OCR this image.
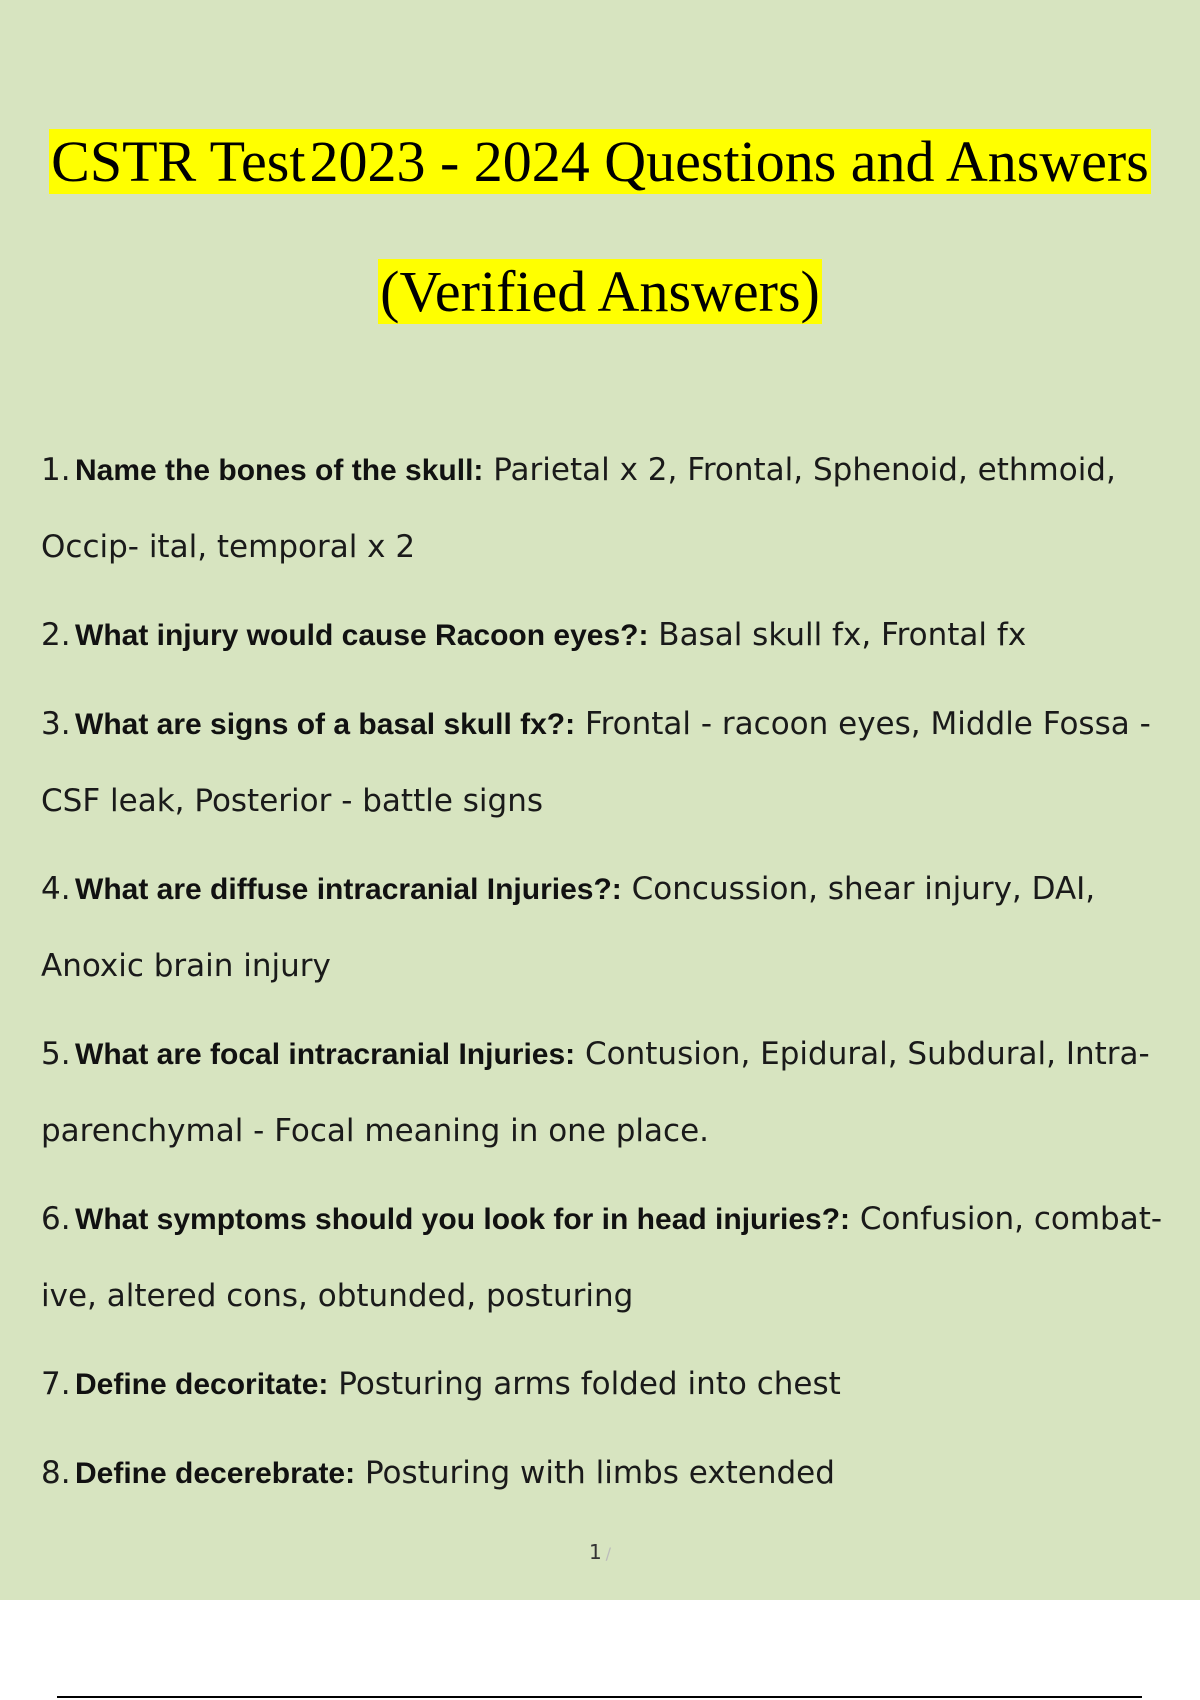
CSTR Test2023 - 2024 Questions and Answers
(Verified Answers)
1. Name the bones of the skull: Parietal x 2, Frontal, Sphenoid, ethmoid, Occip- ital, temporal x 2
2. What injury would cause Racoon eyes?: Basal skull fx, Frontal fx
3. What are signs of a basal skull fx?: Frontal - racoon eyes, Middle Fossa - CSF leak, Posterior - battle signs
4. What are diffuse intracranial Injuries?: Concussion, shear injury, DAI, Anoxic brain injury
5. What are focal intracranial Injuries: Contusion, Epidural, Subdural, Intra- parenchymal - Focal meaning in one place.
6. What symptoms should you look for in head injuries?: Confusion, combat- ive, altered cons, obtunded, posturing
7. Define decoritate: Posturing arms folded into chest
8. Define decerebrate: Posturing with limbs extended
1 /
